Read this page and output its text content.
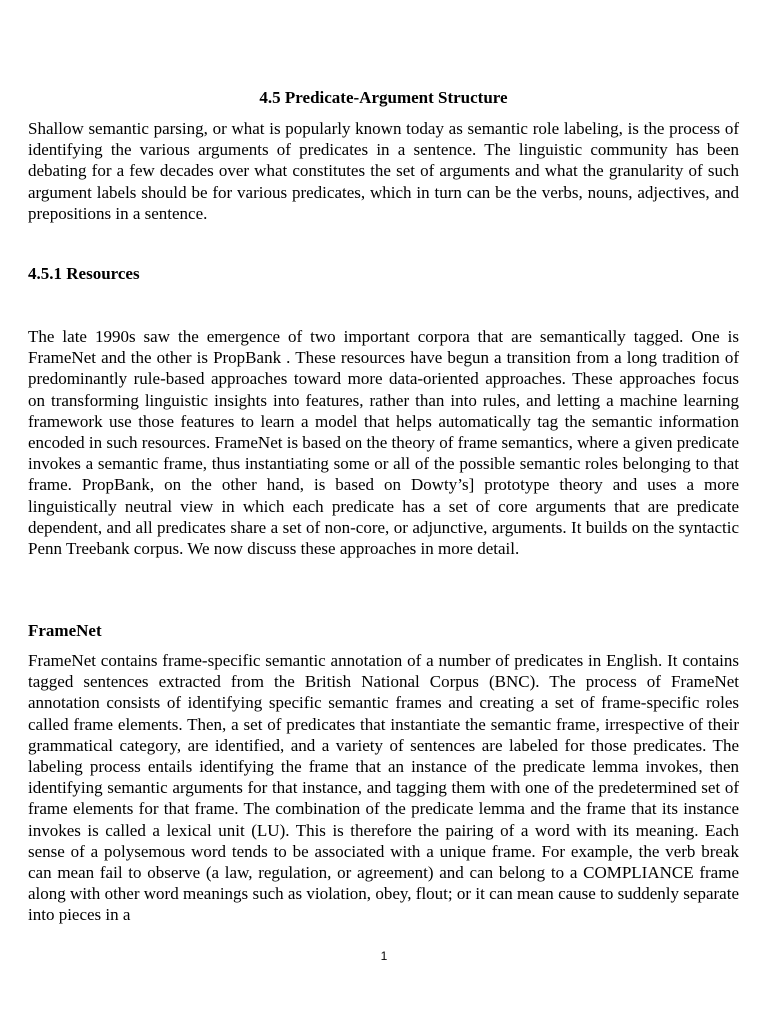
4.5 Predicate-Argument Structure
Shallow semantic parsing, or what is popularly known today as semantic role labeling, is the process of identifying the various arguments of predicates in a sentence. The linguistic community has been debating for a few decades over what constitutes the set of arguments and what the granularity of such argument labels should be for various predicates, which in turn can be the verbs, nouns, adjectives, and prepositions in a sentence.
4.5.1 Resources
The late 1990s saw the emergence of two important corpora that are semantically tagged. One is FrameNet and the other is PropBank . These resources have begun a transition from a long tradition of predominantly rule-based approaches toward more data-oriented approaches. These approaches focus on transforming linguistic insights into features, rather than into rules, and letting a machine learning framework use those features to learn a model that helps automatically tag the semantic information encoded in such resources. FrameNet is based on the theory of frame semantics, where a given predicate invokes a semantic frame, thus instantiating some or all of the possible semantic roles belonging to that frame. PropBank, on the other hand, is based on Dowty’s] prototype theory and uses a more linguistically neutral view in which each predicate has a set of core arguments that are predicate dependent, and all predicates share a set of non-core, or adjunctive, arguments. It builds on the syntactic Penn Treebank corpus. We now discuss these approaches in more detail.
FrameNet
FrameNet contains frame-specific semantic annotation of a number of predicates in English. It contains tagged sentences extracted from the British National Corpus (BNC). The process of FrameNet annotation consists of identifying specific semantic frames and creating a set of frame-specific roles called frame elements. Then, a set of predicates that instantiate the semantic frame, irrespective of their grammatical category, are identified, and a variety of sentences are labeled for those predicates. The labeling process entails identifying the frame that an instance of the predicate lemma invokes, then identifying semantic arguments for that instance, and tagging them with one of the predetermined set of frame elements for that frame. The combination of the predicate lemma and the frame that its instance invokes is called a lexical unit (LU). This is therefore the pairing of a word with its meaning. Each sense of a polysemous word tends to be associated with a unique frame. For example, the verb break can mean fail to observe (a law, regulation, or agreement) and can belong to a COMPLIANCE frame along with other word meanings such as violation, obey, flout; or it can mean cause to suddenly separate into pieces in a
1
